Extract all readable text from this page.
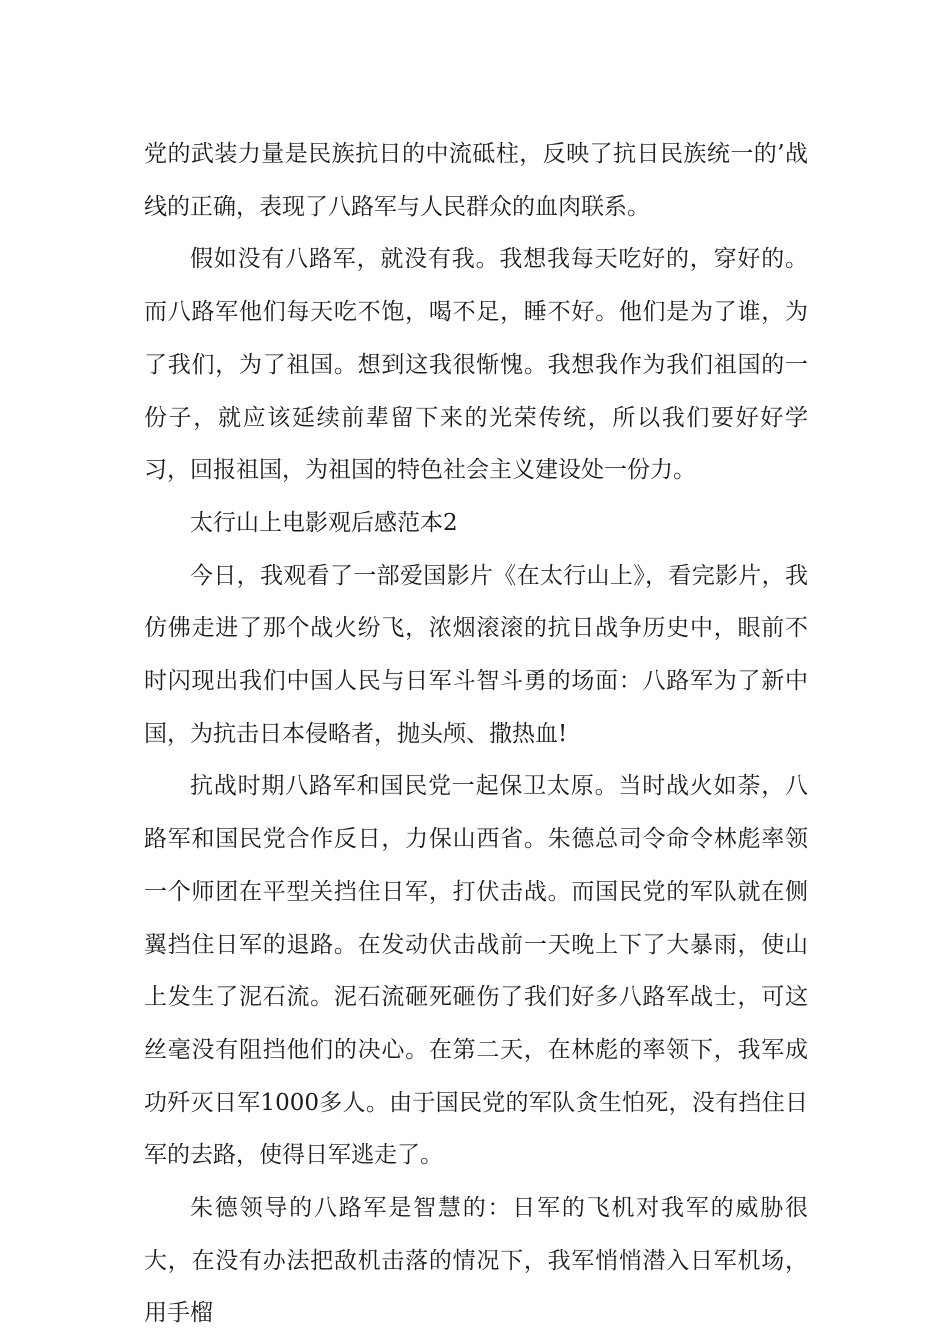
党的武装力量是民族抗日的中流砥柱，反映了抗日民族统一的’战线的正确，表现了八路军与人民群众的血肉联系。

假如没有八路军，就没有我。我想我每天吃好的，穿好的。而八路军他们每天吃不饱，喝不足，睡不好。他们是为了谁，为了我们，为了祖国。想到这我很惭愧。我想我作为我们祖国的一份子，就应该延续前辈留下来的光荣传统，所以我们要好好学习，回报祖国，为祖国的特色社会主义建设处一份力。

太行山上电影观后感范本2

今日，我观看了一部爱国影片《在太行山上》，看完影片，我仿佛走进了那个战火纷飞，浓烟滚滚的抗日战争历史中，眼前不时闪现出我们中国人民与日军斗智斗勇的场面：八路军为了新中国，为抗击日本侵略者，抛头颅、撒热血!

抗战时期八路军和国民党一起保卫太原。当时战火如荼，八路军和国民党合作反日，力保山西省。朱德总司令命令林彪率领一个师团在平型关挡住日军，打伏击战。而国民党的军队就在侧翼挡住日军的退路。在发动伏击战前一天晚上下了大暴雨，使山上发生了泥石流。泥石流砸死砸伤了我们好多八路军战士，可这丝毫没有阻挡他们的决心。在第二天，在林彪的率领下，我军成功歼灭日军1000多人。由于国民党的军队贪生怕死，没有挡住日军的去路，使得日军逃走了。

朱德领导的八路军是智慧的：日军的飞机对我军的威胁很大，在没有办法把敌机击落的情况下，我军悄悄潜入日军机场，用手榴
